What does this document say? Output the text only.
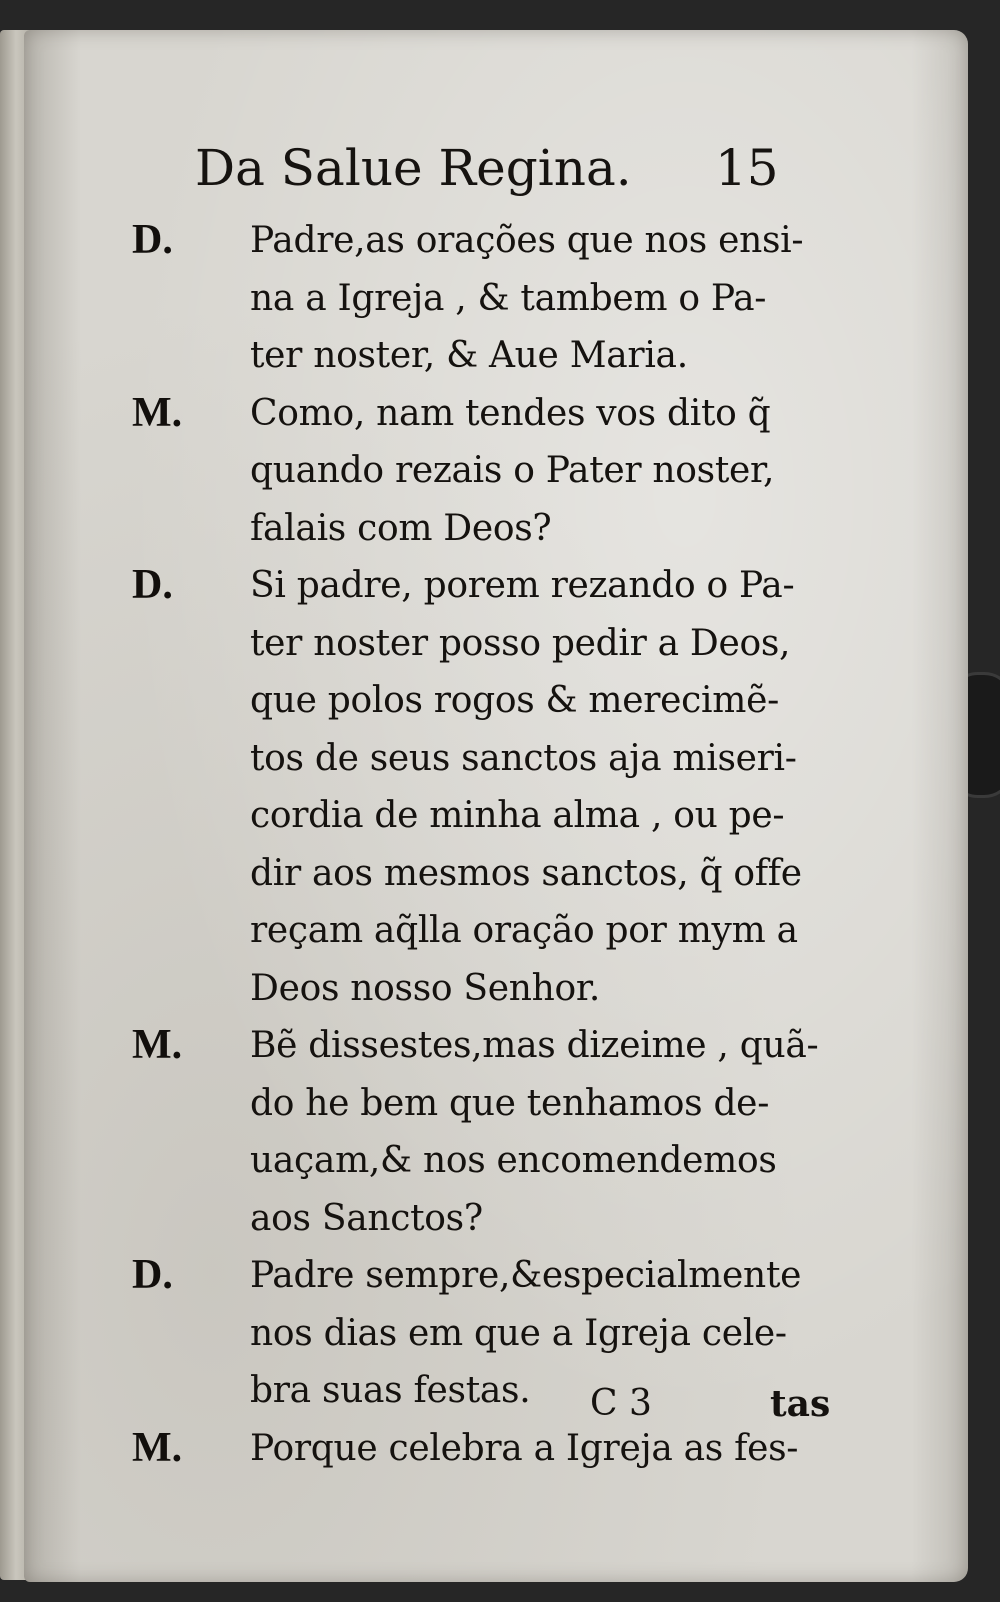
Da Salue Regina. 15
D.	Padre,as orações que nos ensi-
na a Igreja , & tambem o Pa-
ter noster, & Aue Maria.
M.	Como, nam tendes vos dito q̃
quando rezais o Pater noster,
falais com Deos?
D.	Si padre, porem rezando o Pa-
ter noster posso pedir a Deos,
que polos rogos & merecimẽ-
tos de seus sanctos aja miseri-
cordia de minha alma , ou pe-
dir aos mesmos sanctos, q̃ offe
reçam aq̃lla oração por mym a
Deos nosso Senhor.
M.	Bẽ dissestes,mas dizeime , quã-
do he bem que tenhamos de-
uaçam,& nos encomendemos
aos Sanctos?
D.	Padre sempre,&especialmente
nos dias em que a Igreja cele-
bra suas festas.
M.	Porque celebra a Igreja as fes-
C 3	tas
